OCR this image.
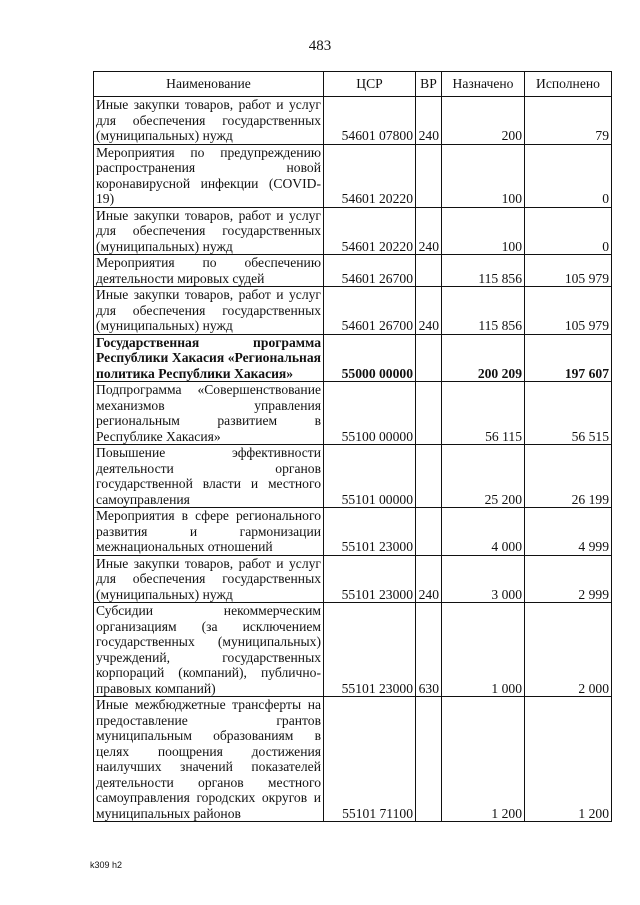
483
Наименование	ЦСР	ВР	Назначено	Исполнено
Иные закупки товаров, работ и услуг для обеспечения государственных (муниципальных) нужд	54601 07800	240	200	79
Мероприятия по предупреждению распространения новой коронавирусной инфекции (COVID-19)	54601 20220		100	0
Иные закупки товаров, работ и услуг для обеспечения государственных (муниципальных) нужд	54601 20220	240	100	0
Мероприятия по обеспечению деятельности мировых судей	54601 26700		115 856	105 979
Иные закупки товаров, работ и услуг для обеспечения государственных (муниципальных) нужд	54601 26700	240	115 856	105 979
Государственная программа Республики Хакасия «Региональная политика Республики Хакасия»	55000 00000		200 209	197 607
Подпрограмма «Совершенствование механизмов управления региональным развитием в Республике Хакасия»	55100 00000		56 115	56 515
Повышение эффективности деятельности органов государственной власти и местного самоуправления	55101 00000		25 200	26 199
Мероприятия в сфере регионального развития и гармонизации межнациональных отношений	55101 23000		4 000	4 999
Иные закупки товаров, работ и услуг для обеспечения государственных (муниципальных) нужд	55101 23000	240	3 000	2 999
Субсидии некоммерческим организациям (за исключением государственных (муниципальных) учреждений, государственных корпораций (компаний), публично-правовых компаний)	55101 23000	630	1 000	2 000
Иные межбюджетные трансферты на предоставление грантов муниципальным образованиям в целях поощрения достижения наилучших значений показателей деятельности органов местного самоуправления городских округов и муниципальных районов	55101 71100		1 200	1 200
k309 h2
